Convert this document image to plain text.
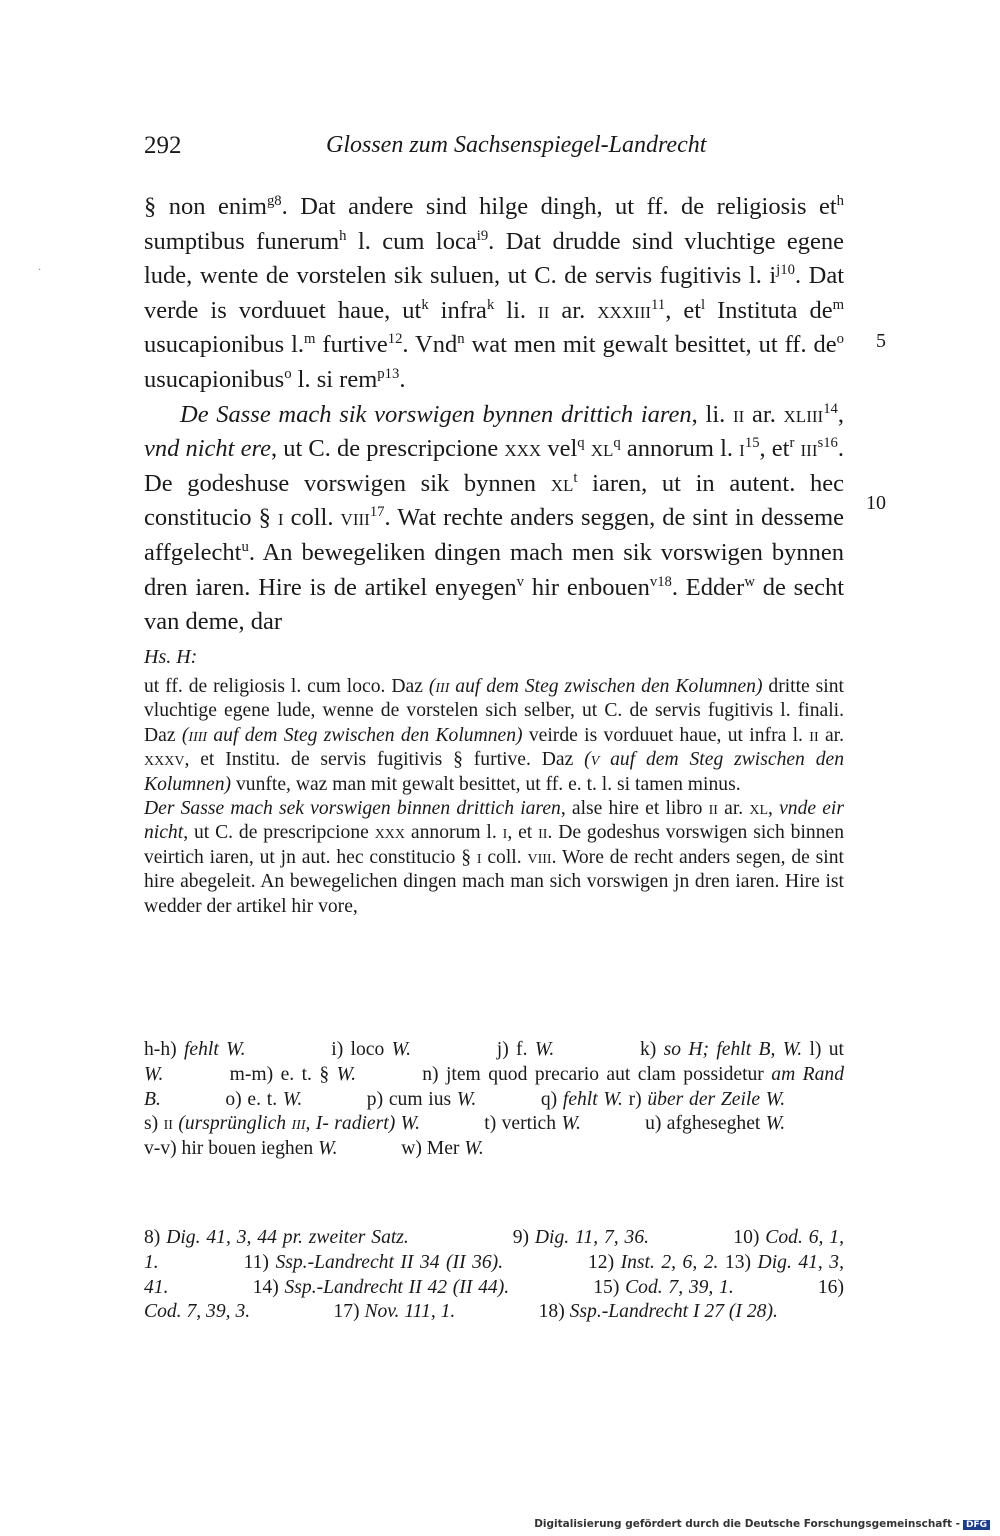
292	Glossen zum Sachsenspiegel-Landrecht
·

§ non enim$^{g8}$. Dat andere sind hilge dingh, ut ff. de religiosis $et^h$ sumptibus funerum$^h$ l. cum loca$^{i9}$. Dat drudde sind vluchtige egene lude, wente de vorstelen sik suluen, ut C. de servis fugitivis l. $i^{j10}$. Dat verde is vorduuet haue, $ut^k$ infra$^k$ li. ii ar. xxxiii$^{11}$, $et^l$ Instituta $de^m$ usucapionibus l.$^m$ furtive$^{12}$. Vnd$^n$ wat men mit gewalt besittet, ut ff. $de^o$ usucapionibus$^o$ l. si rem$^{p13}$.

De Sasse mach sik vorswigen bynnen drittich iaren, li. ii ar. xliii$^{14}$, vnd nicht ere, ut C. de prescripcione xxx vel$^q$ $xl^q$ annorum l. $i^{15}$, $et^r$ iii$^{s16}$. De godeshuse vorswigen sik bynnen $xl^t$ iaren, ut in autent. hec constitucio § i coll. viii$^{17}$. Wat rechte anders seggen, de sint in desseme affgelecht$^u$. An bewegeliken dingen mach men sik vorswigen bynnen dren iaren. Hire is de artikel enyegen$^v$ hir enbouen$^{v18}$. Edder$^w$ de secht van deme, dar

5
10
Hs. H:

ut ff. de religiosis l. cum loco. Daz (iii auf dem Steg zwischen den Kolumnen) dritte sint vluchtige egene lude, wenne de vorstelen sich selber, ut C. de servis fugitivis l. finali. Daz (iiii auf dem Steg zwischen den Kolumnen) veirde is vorduuet haue, ut infra l. ii ar. xxxv, et Institu. de servis fugitivis § furtive. Daz (v auf dem Steg zwischen den Kolumnen) vunfte, waz man mit gewalt besittet, ut ff. e. t. l. si tamen minus.

Der Sasse mach sek vorswigen binnen drittich iaren, alse hire et libro ii ar. xl, vnde eir nicht, ut C. de prescripcione xxx annorum l. i, et ii. De godeshus vorswigen sich binnen veirtich iaren, ut jn aut. hec constitucio § i coll. viii. Wore de recht anders segen, de sint hire abegeleit. An bewegelichen dingen mach man sich vorswigen jn dren iaren. Hire ist wedder der artikel hir vore,

h-h) fehlt W.     i) loco W.     j) f. W.     k) so H; fehlt B, W. l) ut W.    m-m) e. t. § W.    n) jtem quod precario aut clam possidetur am Rand B.    o) e. t. W.    p) cum ius W.    q) fehlt W. r) über der Zeile W.    s) ii (ursprünglich iii, I- radiert) W.    t) vertich W.    u) afgheseghet W.    v-v) hir bouen ieghen W.    w) Mer W.
8) Dig. 41, 3, 44 pr. zweiter Satz.      9) Dig. 11, 7, 36.     10) Cod. 6, 1, 1.     11) Ssp.-Landrecht II 34 (II 36).     12) Inst. 2, 6, 2. 13) Dig. 41, 3, 41.     14) Ssp.-Landrecht II 42 (II 44).     15) Cod. 7, 39, 1.     16) Cod. 7, 39, 3.     17) Nov. 111, 1.     18) Ssp.-Landrecht I 27 (I 28).
Digitalisierung gefördert durch die Deutsche Forschungsgemeinschaft - DFG
